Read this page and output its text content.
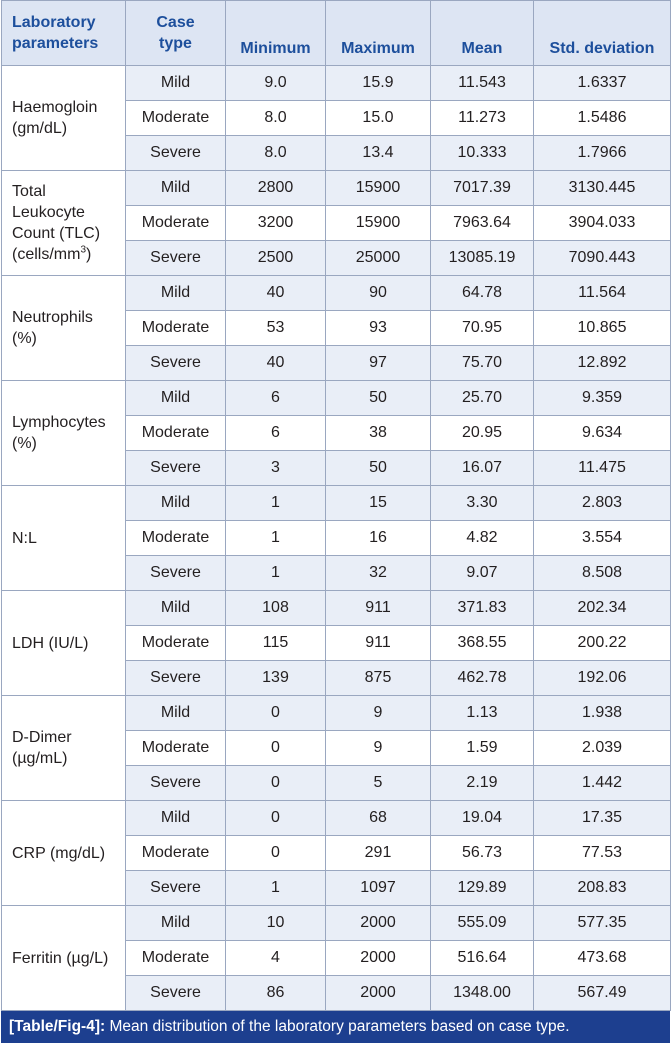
Laboratory
parameters	Case
type	Minimum	Maximum	Mean	Std. deviation
Haemogloin
(gm/dL)	Mild	9.0	15.9	11.543	1.6337
	Moderate	8.0	15.0	11.273	1.5486
	Severe	8.0	13.4	10.333	1.7966
Total
Leukocyte
Count (TLC)
$(cells/mm^3)$	Mild	2800	15900	7017.39	3130.445
	Moderate	3200	15900	7963.64	3904.033
	Severe	2500	25000	13085.19	7090.443
Neutrophils
(%)	Mild	40	90	64.78	11.564
	Moderate	53	93	70.95	10.865
	Severe	40	97	75.70	12.892
Lymphocytes
(%)	Mild	6	50	25.70	9.359
	Moderate	6	38	20.95	9.634
	Severe	3	50	16.07	11.475
N:L	Mild	1	15	3.30	2.803
	Moderate	1	16	4.82	3.554
	Severe	1	32	9.07	8.508
LDH (IU/L)	Mild	108	911	371.83	202.34
	Moderate	115	911	368.55	200.22
	Severe	139	875	462.78	192.06
D-Dimer
(µg/mL)	Mild	0	9	1.13	1.938
	Moderate	0	9	1.59	2.039
	Severe	0	5	2.19	1.442
CRP (mg/dL)	Mild	0	68	19.04	17.35
	Moderate	0	291	56.73	77.53
	Severe	1	1097	129.89	208.83
Ferritin (µg/L)	Mild	10	2000	555.09	577.35
	Moderate	4	2000	516.64	473.68
	Severe	86	2000	1348.00	567.49
[Table/Fig-4]: Mean distribution of the laboratory parameters based on case type.
